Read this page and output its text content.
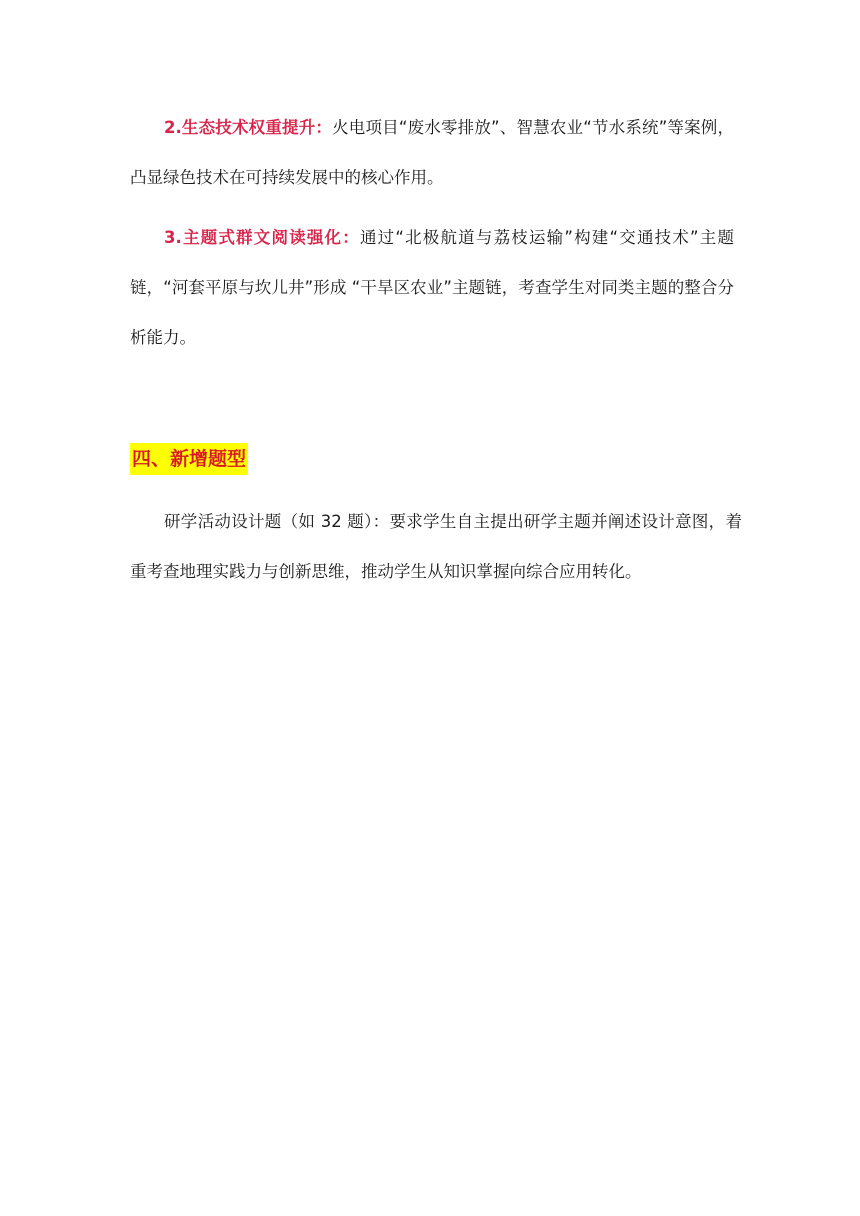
2.生态技术权重提升：火电项目“废水零排放”、智慧农业“节水系统”等案例，凸显绿色技术在可持续发展中的核心作用。

3.主题式群文阅读强化：通过“北极航道与荔枝运输”构建“交通技术”主题链，“河套平原与坎儿井”形成 “干旱区农业”主题链，考查学生对同类主题的整合分析能力。

四、新增题型

研学活动设计题（如 32 题）：要求学生自主提出研学主题并阐述设计意图，着重考查地理实践力与创新思维，推动学生从知识掌握向综合应用转化。
